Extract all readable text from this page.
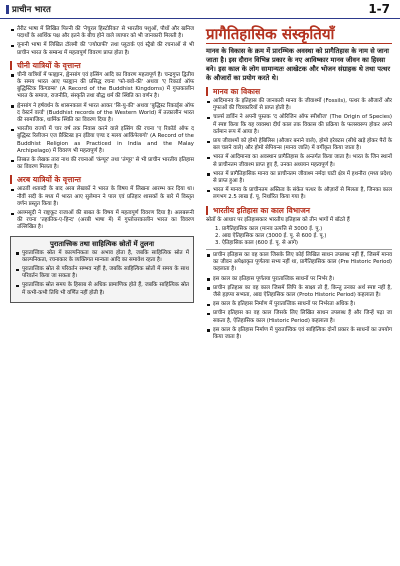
प्राचीन भारत	1-7
तैरीट भाषा में लिखित पिल्नी की 'नेचुरल हिस्टोरिका' से भारतीय पशुओं, पौधों और खनिज पदार्थों के आर्थिक पक्ष और इतने के बीच होने वाले व्यापार को भी जानकारी मिलती है।
यूनानी भाषा में लिखित टॉलमी की 'ज्योग्राफी' तथा प्लूटार्क एवं स्ट्रैबो की रचनाओं से भी प्राचीन भारत के सम्बन्ध में महत्वपूर्ण विवरण प्राप्त होता है।
चीनी यात्रियों के वृत्तान्त
चीनी यात्रियों में फाह्यान, ह्वेनसांग एवं इत्सिंग आदि का विवरण महत्वपूर्ण है। चन्द्रगुप्त द्वितीय के समय भारत आए फाह्यान की प्रसिद्ध रचना 'फो-क्वो-की' अथवा 'ए रिकार्ड ऑफ बुद्धिस्टिक किंगडम्स' (A Record of the Buddhist Kingdoms) में गुप्तकालीन भारत के समाज, राजनीति, संस्कृति तथा बौद्ध धर्म की स्थिति का वर्णन है।
ह्वेनसांग ने हर्षवर्धन के शासनकाल में भारत आकर 'सि-यु-की' अथवा 'बुद्धिस्ट रिकार्ड्स ऑफ द वेस्टर्न वर्ल्ड' (Buddhist records of the Western World) में तत्कालीन भारत की सामाजिक, धार्मिक स्थिति का विवरण दिया है।
भारतीय राज्यों में चार वर्ष तक निवास करने वाले इत्सिंग की रचना 'ए रिकॉर्ड ऑफ द बुद्धिस्ट रिलीजन एज प्रैक्टिस्ड इन इंडिया एण्ड द मलय आर्किपेलागो' (A Record of the Buddhist Religion as Practiced in India and the Malay Archipelago) में विवरण भी महत्वपूर्ण है।
तिब्बत के लेखक तारा नाथ की रचनाओं 'कंग्यूर' तथा 'तंग्यूर' से भी प्राचीन भारतीय इतिहास का विवरण मिलता है।
अरब यात्रियों के वृत्तान्त
आठवीं शताब्दी के बाद अरब लेखकों ने भारत के विषय में लिखना आरम्भ कर दिया था। नौवीं सदी के मध्य में भारत आए सुलेमान ने पाल एवं प्रतिहार शासकों के बारे में विस्तृत वर्णन प्रस्तुत किया है।
अलमसूदी ने राष्ट्रकूट राजाओं की बाबत के विषय में महत्वपूर्ण विवरण दिया है। अलबरूनी की रचना 'तहकीक-ए-हिन्द' (अरबी भाषा में) में गुप्तोत्तरकालीन भारत का विवरण उल्लिखित है।
पुरातात्त्विक तथा साहित्यिक स्रोतों में तुलना
पुरातात्त्विक स्रोत में काल्पनिकता का अभाव होता है, जबकि साहित्यिक स्रोत में काल्पनिकता, रचनाकार के व्यक्तिगत मान्यता आदि का समावेश रहता है।
पुरातात्त्विक स्रोत से परिवर्तन सम्भव नहीं है, जबकि साहित्यिक स्रोतों में समय के साथ परिवर्तन किया जा सकता है।
पुरातात्त्विक स्रोत समय के हिसाब से अधिक प्रामाणिक होते हैं, जबकि साहित्यिक स्रोत में कभी-कभी तिथि भी वर्णित नहीं होती है।
प्रागैतिहासिक संस्कृतियाँ
मानव के विकास के क्रम में प्रारम्भिक अवस्था को प्रागैतिहास के नाम से जाना जाता है। इस दौरान विभिन्न प्रकार के नए आविष्कार मानव जीवन का हिस्सा बने। इस काल के लोग सामान्यतः आखेटक और भोजन संग्राहक थे तथा पत्थर के औजारों का प्रयोग करते थे।
मानव का विकास
आदिमानव के इतिहास की जानकारी मानव के जीवाश्मों (Fossils), पत्थर के औजारों और गुफाओं की चित्रकारियों से प्राप्त होती है।
चार्ल्स डार्विन ने अपनी पुस्तक 'द ओरिजिन ऑफ स्पीशीज' (The Origin of Species) में स्पष्ट किया कि यह व्यवस्था दीर्घ काल तक विकास की प्रक्रिया के फलस्वरूप होकर अपने वर्तमान रूप में आया है।
प्राय जीवाश्मों को होमो हेबिलिस (औजार बनाने वाले), होमो इरेक्टस (सीधे खड़े होकर पैरों के बल चलने वाले) और होमो सेपियन्स (मानव जाति) में वर्गीकृत किया जाता है।
भारत में आदिमानव का अवस्थान प्रागैतिहास के अन्तर्गत किया जाता है। भारत के जिन स्थानों से प्राचीनतम जीवाश्म प्राप्त हुए हैं, उनका अध्ययन महत्वपूर्ण है।
भारत में प्रागैतिहासिक मानव का प्राचीनतम जीवाश्म नर्मदा घाटी क्षेत्र में हथनौरा (मध्य प्रदेश) से प्राप्त हुआ है।
भारत में मानव के प्राचीनतम अस्तित्व के संकेत पत्थर के औज़ारों से मिलता है, जिनका काल लगभग 2.5 लाख ई. पू. निर्धारित किया गया है।
भारतीय इतिहास का काल विभाजन
स्रोतों के आधार पर इतिहासकार भारतीय इतिहास को तीन भागों में बाँटते हैं
1. प्रागैतिहासिक काल (मानव उत्पत्ति से 3000 ई. पू.)
2. आद्य ऐतिहासिक काल (3000 ई. पू. से 600 ई. पू.)
3. ऐतिहासिक काल (600 ई. पू. से आगे)
प्राचीन इतिहास का वह काल जिसके लिए कोई लिखित साधन उपलब्ध नहीं हैं, जिसमें मानव का जीवन अपेक्षाकृत पूर्णतया सभ्य नहीं था, प्रागैतिहासिक काल (Pre Historic Period) कहलाता है।
इस काल का इतिहास पूर्णतया पुरातात्त्विक साधनों पर निर्भर है।
प्राचीन इतिहास का वह काल जिसमें लिपि के साक्ष्य तो हैं, किन्तु उनका अर्थ स्पष्ट नहीं है, जैसे हड़प्पा सभ्यता, आद्य ऐतिहासिक काल (Proto Historic Period) कहलाता है।
इस काल के इतिहास निर्माण में पुरातात्त्विक साधनों पर निर्भरता अधिक है।
प्राचीन इतिहास का वह काल जिसके लिए लिखित साधन उपलब्ध हैं और जिन्हें पढ़ा जा सकता है, ऐतिहासिक काल (Historic Period) कहलाता है।
इस काल के इतिहास निर्माण में पुरातात्त्विक एवं साहित्यिक दोनों प्रकार के साधनों का उपयोग किया जाता है।
